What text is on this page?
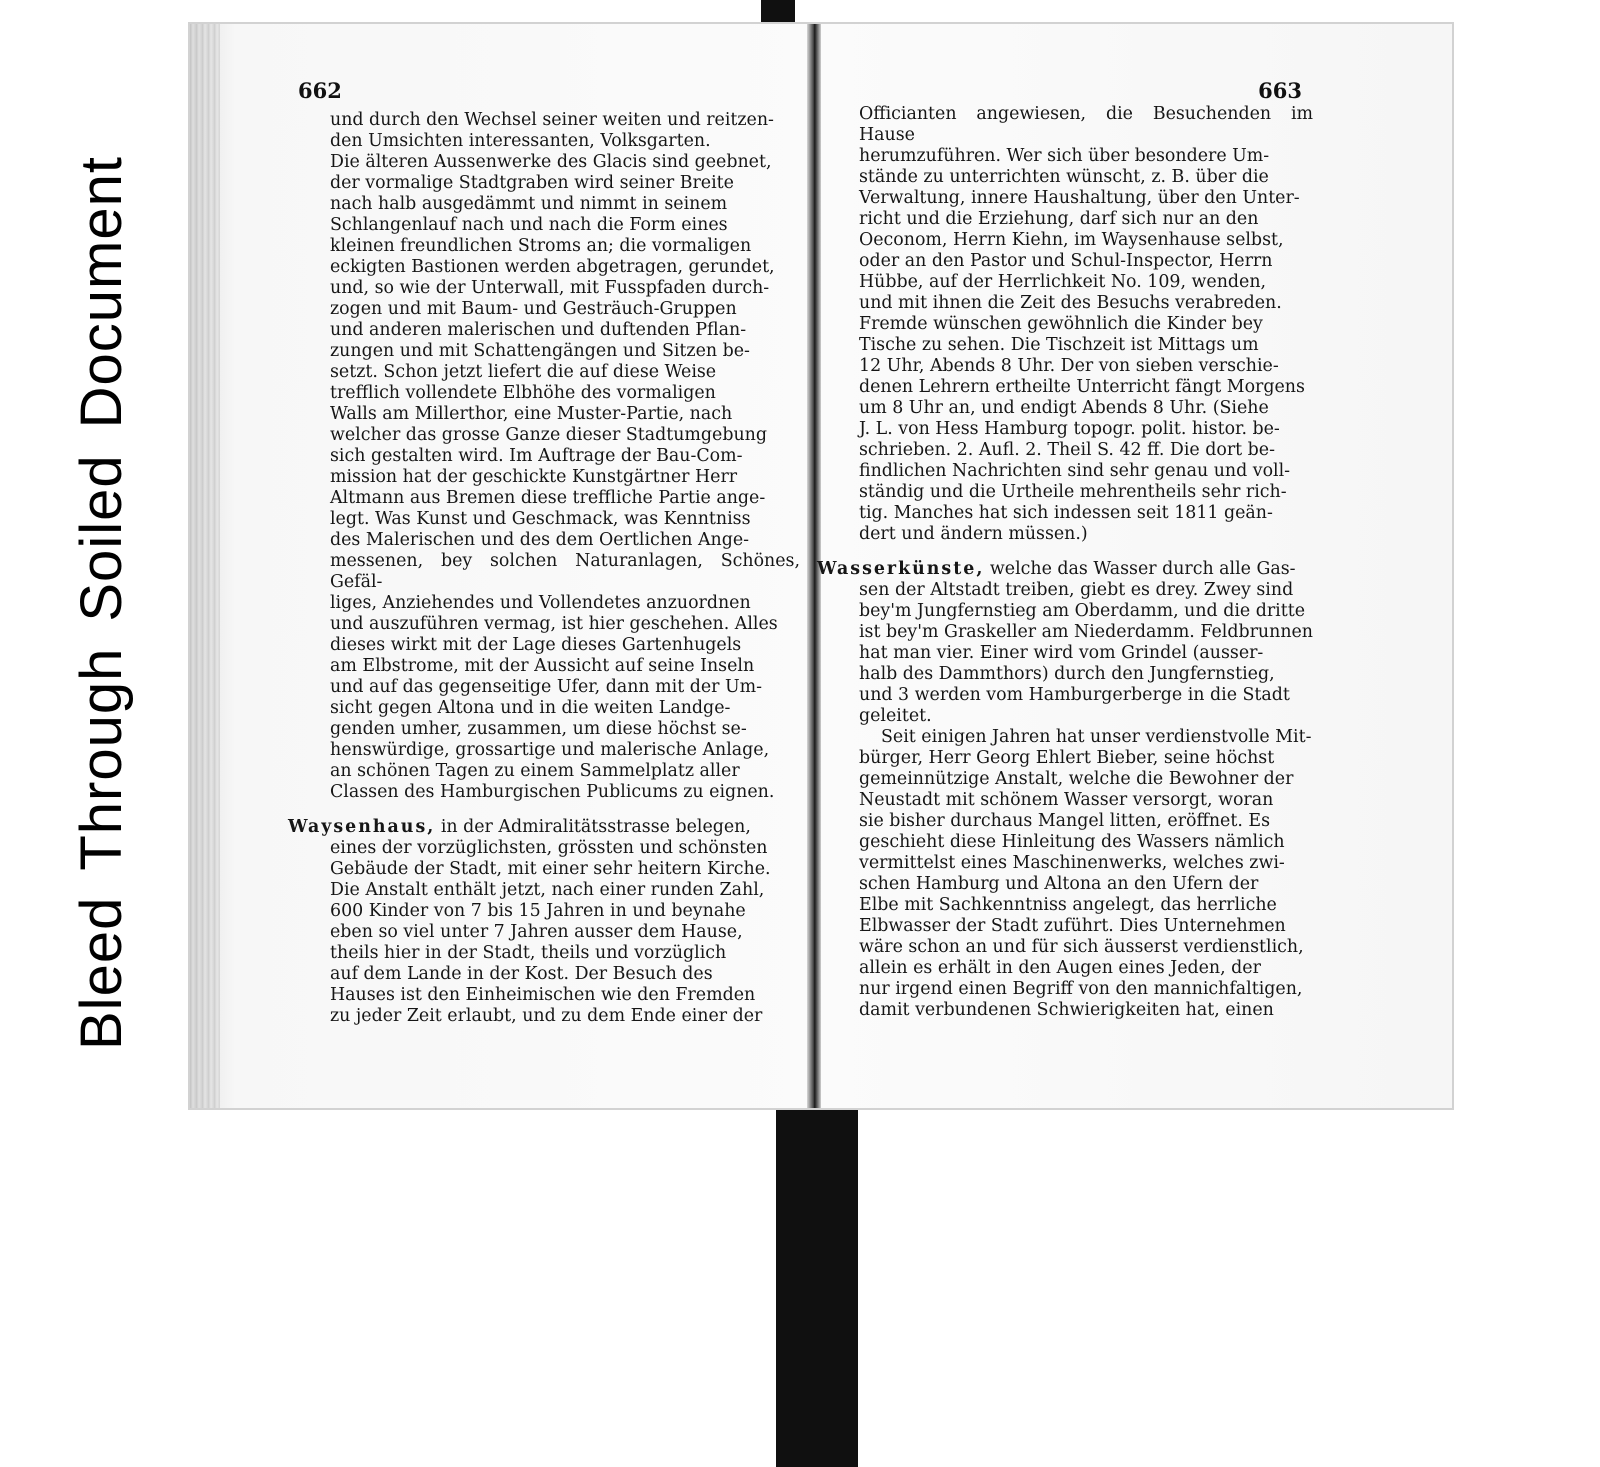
BleedThroughSoiledDocument
662	663

und durch den Wechsel seiner weiten und reitzen-
den Umsichten interessanten, Volksgarten.
Die älteren Aussenwerke des Glacis sind geebnet,
der vormalige Stadtgraben wird seiner Breite
nach halb ausgedämmt und nimmt in seinem
Schlangenlauf nach und nach die Form eines
kleinen freundlichen Stroms an; die vormaligen
eckigten Bastionen werden abgetragen, gerundet,
und, so wie der Unterwall, mit Fusspfaden durch-
zogen und mit Baum- und Gesträuch-Gruppen
und anderen malerischen und duftenden Pflan-
zungen und mit Schattengängen und Sitzen be-
setzt. Schon jetzt liefert die auf diese Weise
trefflich vollendete Elbhöhe des vormaligen
Walls am Millerthor, eine Muster-Partie, nach
welcher das grosse Ganze dieser Stadtumgebung
sich gestalten wird. Im Auftrage der Bau-Com-
mission hat der geschickte Kunstgärtner Herr
Altmann aus Bremen diese treffliche Partie ange-
legt. Was Kunst und Geschmack, was Kenntniss
des Malerischen und des dem Oertlichen Ange-
messenen, bey solchen Naturanlagen, Schönes, Gefäl-
liges, Anziehendes und Vollendetes anzuordnen
und auszuführen vermag, ist hier geschehen. Alles
dieses wirkt mit der Lage dieses Gartenhugels
am Elbstrome, mit der Aussicht auf seine Inseln
und auf das gegenseitige Ufer, dann mit der Um-
sicht gegen Altona und in die weiten Landge-
genden umher, zusammen, um diese höchst se-
henswürdige, grossartige und malerische Anlage,
an schönen Tagen zu einem Sammelplatz aller
Classen des Hamburgischen Publicums zu eignen.

Waysenhaus, in der Admiralitätsstrasse belegen,
eines der vorzüglichsten, grössten und schönsten
Gebäude der Stadt, mit einer sehr heitern Kirche.
Die Anstalt enthält jetzt, nach einer runden Zahl,
600 Kinder von 7 bis 15 Jahren in und beynahe
eben so viel unter 7 Jahren ausser dem Hause,
theils hier in der Stadt, theils und vorzüglich
auf dem Lande in der Kost. Der Besuch des
Hauses ist den Einheimischen wie den Fremden
zu jeder Zeit erlaubt, und zu dem Ende einer der

Officianten angewiesen, die Besuchenden im Hause
herumzuführen. Wer sich über besondere Um-
stände zu unterrichten wünscht, z. B. über die
Verwaltung, innere Haushaltung, über den Unter-
richt und die Erziehung, darf sich nur an den
Oeconom, Herrn Kiehn, im Waysenhause selbst,
oder an den Pastor und Schul-Inspector, Herrn
Hübbe, auf der Herrlichkeit No. 109, wenden,
und mit ihnen die Zeit des Besuchs verabreden.
Fremde wünschen gewöhnlich die Kinder bey
Tische zu sehen. Die Tischzeit ist Mittags um
12 Uhr, Abends 8 Uhr. Der von sieben verschie-
denen Lehrern ertheilte Unterricht fängt Morgens
um 8 Uhr an, und endigt Abends 8 Uhr. (Siehe
J. L. von Hess Hamburg topogr. polit. histor. be-
schrieben. 2. Aufl. 2. Theil S. 42 ff. Die dort be-
findlichen Nachrichten sind sehr genau und voll-
ständig und die Urtheile mehrentheils sehr rich-
tig. Manches hat sich indessen seit 1811 geän-
dert und ändern müssen.)

Wasserkünste, welche das Wasser durch alle Gas-
sen der Altstadt treiben, giebt es drey. Zwey sind
bey'm Jungfernstieg am Oberdamm, und die dritte
ist bey'm Graskeller am Niederdamm. Feldbrunnen
hat man vier. Einer wird vom Grindel (ausser-
halb des Dammthors) durch den Jungfernstieg,
und 3 werden vom Hamburgerberge in die Stadt
geleitet.

Seit einigen Jahren hat unser verdienstvolle Mit-
bürger, Herr Georg Ehlert Bieber, seine höchst
gemeinnützige Anstalt, welche die Bewohner der
Neustadt mit schönem Wasser versorgt, woran
sie bisher durchaus Mangel litten, eröffnet. Es
geschieht diese Hinleitung des Wassers nämlich
vermittelst eines Maschinenwerks, welches zwi-
schen Hamburg und Altona an den Ufern der
Elbe mit Sachkenntniss angelegt, das herrliche
Elbwasser der Stadt zuführt. Dies Unternehmen
wäre schon an und für sich äusserst verdienstlich,
allein es erhält in den Augen eines Jeden, der
nur irgend einen Begriff von den mannichfaltigen,
damit verbundenen Schwierigkeiten hat, einen
